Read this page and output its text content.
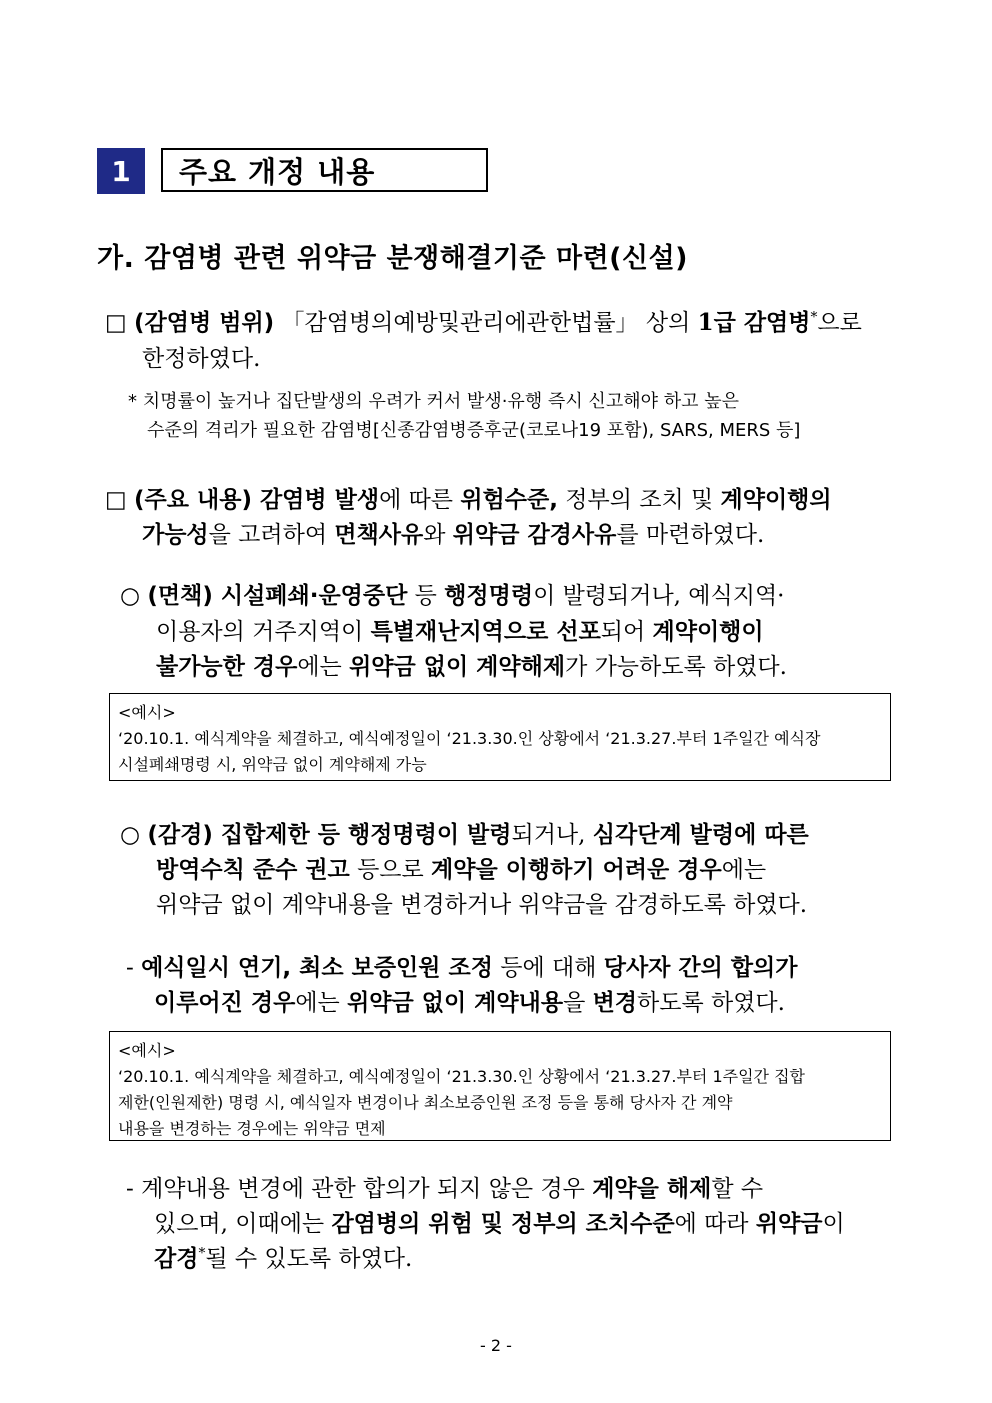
1	주요 개정 내용
가. 감염병 관련 위약금 분쟁해결기준 마련(신설)
□ (감염병 범위) 「감염병의예방및관리에관한법률」 상의 1급 감염병*으로
한정하였다.
* 치명률이 높거나 집단발생의 우려가 커서 발생·유행 즉시 신고해야 하고 높은
수준의 격리가 필요한 감염병[신종감염병증후군(코로나19 포함), SARS, MERS 등]
□ (주요 내용) 감염병 발생에 따른 위험수준, 정부의 조치 및 계약이행의
가능성을 고려하여 면책사유와 위약금 감경사유를 마련하였다.
○ (면책) 시설폐쇄·운영중단 등 행정명령이 발령되거나, 예식지역·
이용자의 거주지역이 특별재난지역으로 선포되어 계약이행이
불가능한 경우에는 위약금 없이 계약해제가 가능하도록 하였다.
<예시>
‘20.10.1. 예식계약을 체결하고, 예식예정일이 ‘21.3.30.인 상황에서 ‘21.3.27.부터 1주일간 예식장
시설폐쇄명령 시, 위약금 없이 계약해제 가능
○ (감경) 집합제한 등 행정명령이 발령되거나, 심각단계 발령에 따른
방역수칙 준수 권고 등으로 계약을 이행하기 어려운 경우에는
위약금 없이 계약내용을 변경하거나 위약금을 감경하도록 하였다.
- 예식일시 연기, 최소 보증인원 조정 등에 대해 당사자 간의 합의가
이루어진 경우에는 위약금 없이 계약내용을 변경하도록 하였다.
<예시>
‘20.10.1. 예식계약을 체결하고, 예식예정일이 ‘21.3.30.인 상황에서 ‘21.3.27.부터 1주일간 집합
제한(인원제한) 명령 시, 예식일자 변경이나 최소보증인원 조정 등을 통해 당사자 간 계약
내용을 변경하는 경우에는 위약금 면제
- 계약내용 변경에 관한 합의가 되지 않은 경우 계약을 해제할 수
있으며, 이때에는 감염병의 위험 및 정부의 조치수준에 따라 위약금이
감경*될 수 있도록 하였다.
- 2 -
